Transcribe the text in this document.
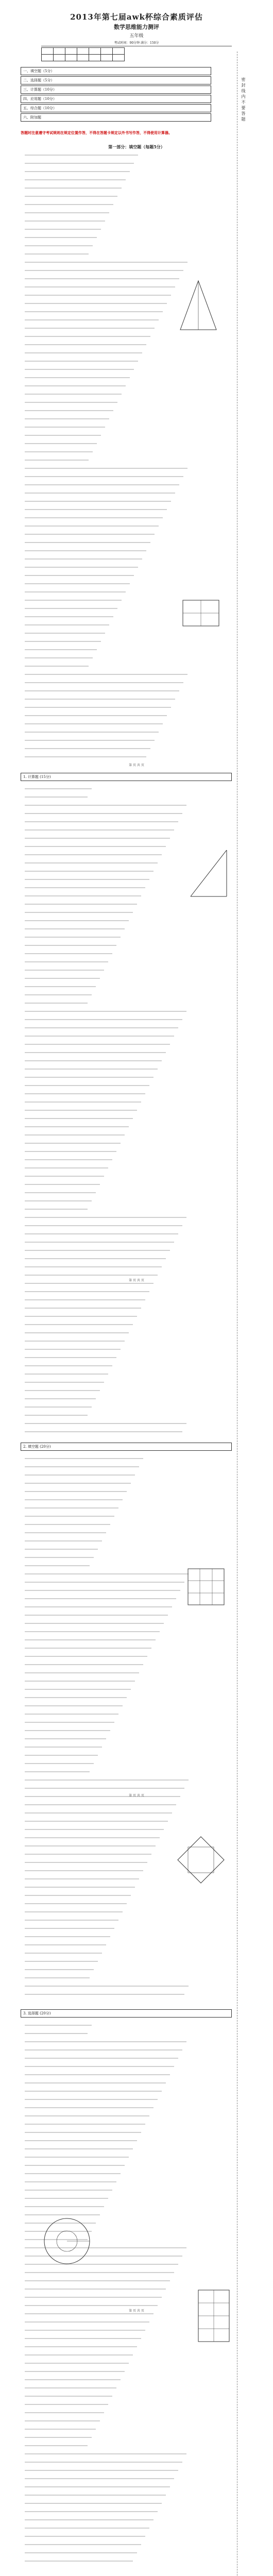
2013年第七届awk杯综合素质评估
数学思维能力测评
五年级
考试时间：90分钟 满分：150分

密封线内不要答题
一、填空题（5分）
二、选择题（5分）
三、计算题（10分）
四、应用题（10分）
五、综合题（10分）
六、附加题
答题时注意遵守考试规则在规定位置作答，不得在答题卡规定以外书写作答，不得使用计算器。
第一部分：填空题（每题5分）
第 页 共 页
第 页 共 页
第 页 共 页
第 页 共 页
1. 计算题 (15分)
2. 填空题 (20分)
3. 选择题 (20分)
